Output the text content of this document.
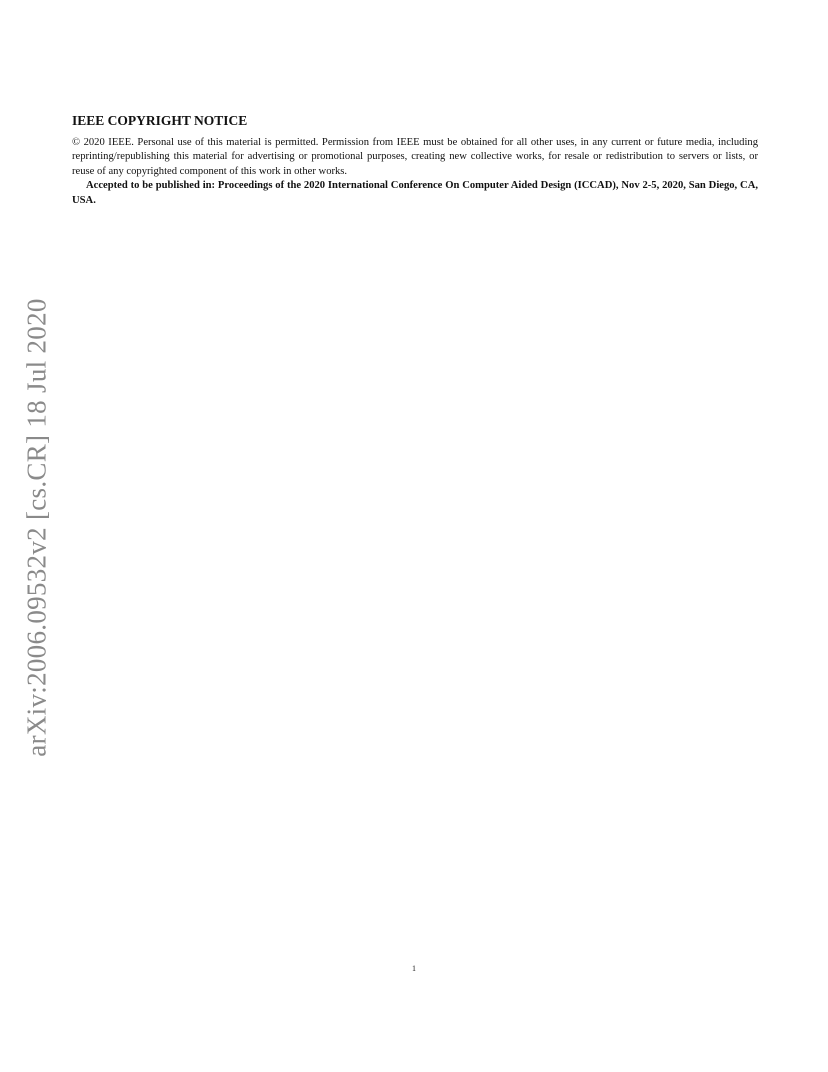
arXiv:2006.09532v2 [cs.CR] 18 Jul 2020
IEEE COPYRIGHT NOTICE

© 2020 IEEE. Personal use of this material is permitted. Permission from IEEE must be obtained for all other uses, in any current or future media, including reprinting/republishing this material for advertising or promotional purposes, creating new collective works, for resale or redistribution to servers or lists, or reuse of any copyrighted component of this work in other works.

Accepted to be published in: Proceedings of the 2020 International Conference On Computer Aided Design (ICCAD), Nov 2-5, 2020, San Diego, CA, USA.

1
